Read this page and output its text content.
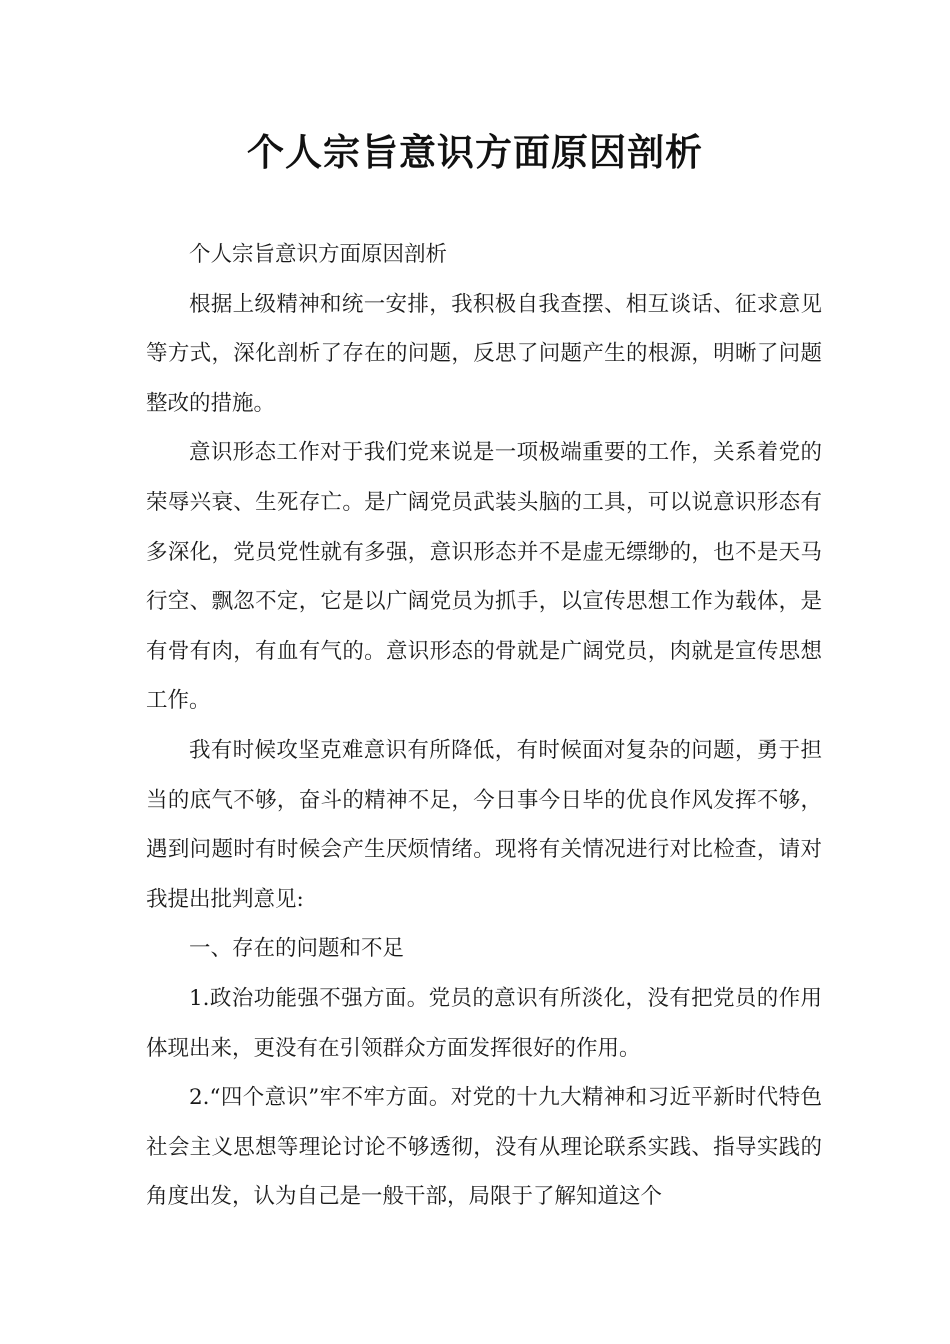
个人宗旨意识方面原因剖析

个人宗旨意识方面原因剖析

根据上级精神和统一安排，我积极自我查摆、相互谈话、征求意见等方式，深化剖析了存在的问题，反思了问题产生的根源，明晰了问题整改的措施。

意识形态工作对于我们党来说是一项极端重要的工作，关系着党的荣辱兴衰、生死存亡。是广阔党员武装头脑的工具，可以说意识形态有多深化，党员党性就有多强，意识形态并不是虚无缥缈的，也不是天马行空、飘忽不定，它是以广阔党员为抓手，以宣传思想工作为载体，是有骨有肉，有血有气的。意识形态的骨就是广阔党员，肉就是宣传思想工作。

我有时候攻坚克难意识有所降低，有时候面对复杂的问题，勇于担当的底气不够，奋斗的精神不足，今日事今日毕的优良作风发挥不够，遇到问题时有时候会产生厌烦情绪。现将有关情况进行对比检查，请对我提出批判意见:

一、存在的问题和不足

1.政治功能强不强方面。党员的意识有所淡化，没有把党员的作用体现出来，更没有在引领群众方面发挥很好的作用。

2.“四个意识”牢不牢方面。对党的十九大精神和习近平新时代特色社会主义思想等理论讨论不够透彻，没有从理论联系实践、指导实践的角度出发，认为自己是一般干部，局限于了解知道这个
